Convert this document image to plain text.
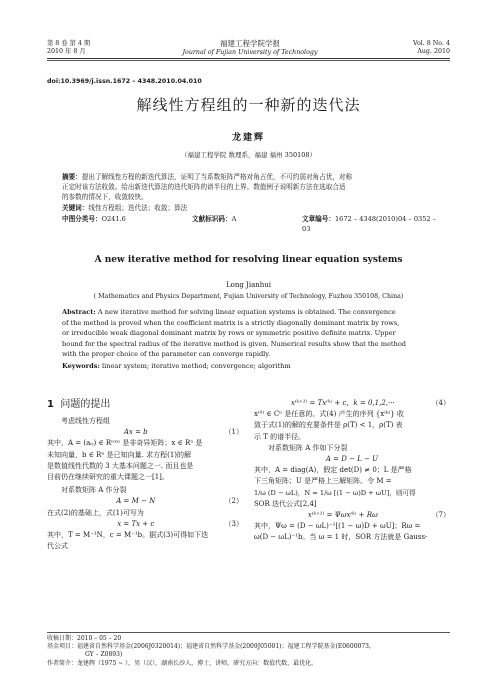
第 8 卷 第 4 期
2010 年 8 月
福建工程学院学报
Journal of Fujian University of Technology
Vol. 8 No. 4
Aug. 2010
doi:10.3969/j.issn.1672 – 4348.2010.04.010
解线性方程组的一种新的迭代法
龙建辉
（福建工程学院 数理系，福建 福州 350108）
摘要：提出了解线性方程的新迭代算法，证明了当系数矩阵严格对角占优，不可约弱对角占优，对称
正定时该方法收敛。给出新迭代算法的迭代矩阵的谱半径的上界。数值例子说明新方法在选取合适
的参数的情况下，收敛较快。
关键词：线性方程组；迭代法；收敛；算法
中图分类号：O241.6	文献标识码：A	文章编号：1672 – 4348(2010)04 – 0352 – 03
A new iterative method for resolving linear equation systems
Long Jianhui
( Mathematics and Physics Department, Fujian University of Technology, Fuzhou 350108, China)
Abstract: A new iterative method for solving linear equation systems is obtained. The convergence
of the method is proved when the coefficient matrix is a strictly diagonally dominant matrix by rows,
or irreducible weak diagonal dominant matrix by rows or symmetric positive definite matrix. Upper
bound for the spectral radius of the iterative method is given. Numerical results show that the method
with the proper choice of the parameter can converge rapidly.
Keywords: linear system; iterative method; convergence; algorithm
1 问题的提出
考虑线性方程组
Ax = b	（1）
其中，A = (aᵢⱼ) ∈ Rⁿˣⁿ 是非奇异矩阵；x ∈ Rⁿ 是
未知向量，b ∈ Rⁿ 是已知向量. 求方程(1)的解
是数值线性代数的 3 大基本问题之一. 而且也是
目前仍在继续研究的重大课题之一[1]。
对系数矩阵 A 作分裂
A = M − N	（2）
在式(2)的基础上，式(1)可写为
x = Tx + c	（3）
其中，T = M⁻¹N，c = M⁻¹b。据式(3)可得如下迭
代公式
x⁽ᵏ⁺¹⁾ = Tx⁽ᵏ⁾ + c，k = 0,1,2,···	（4）
x⁽⁰⁾ ∈ Cⁿ 是任意的。式(4) 产生的序列 {x⁽ᵏ⁾} 收
敛于式(1)的解的充要条件是 ρ(T) < 1，ρ(T) 表
示 T 的谱半径。
对系数矩阵 A 作如下分裂
A = D − L − U
其中，A = diag(A)，假定 det(D) ≠ 0；L 是严格
下三角矩阵；U 是严格上三解矩阵。令 M =
1/ω (D − ωL)，N = 1/ω [(1 − ω)D + ωU]，则可得
SOR 迭代公式[2,4]
x⁽ᵏ⁺¹⁾ = Ψωx⁽ᵏ⁾ + Rω	（7）
其中，Ψω = (D − ωL)⁻¹[(1 − ω)D + ωU]；Rω =
ω(D − ωL)⁻¹b。当 ω = 1 时，SOR 方法就是 Gauss-
收稿日期：2010 – 05 – 20
基金项目：福建省自然科学基金(2006J0320014)；福建省自然科学基金(2009J05001)；福建工程学院基金(E0600073，
GY – Z0893)
作者简介：龙建辉（1975 ~ ），男（汉），湖南长沙人，博士，讲师，研究方向：数值代数，最优化。
